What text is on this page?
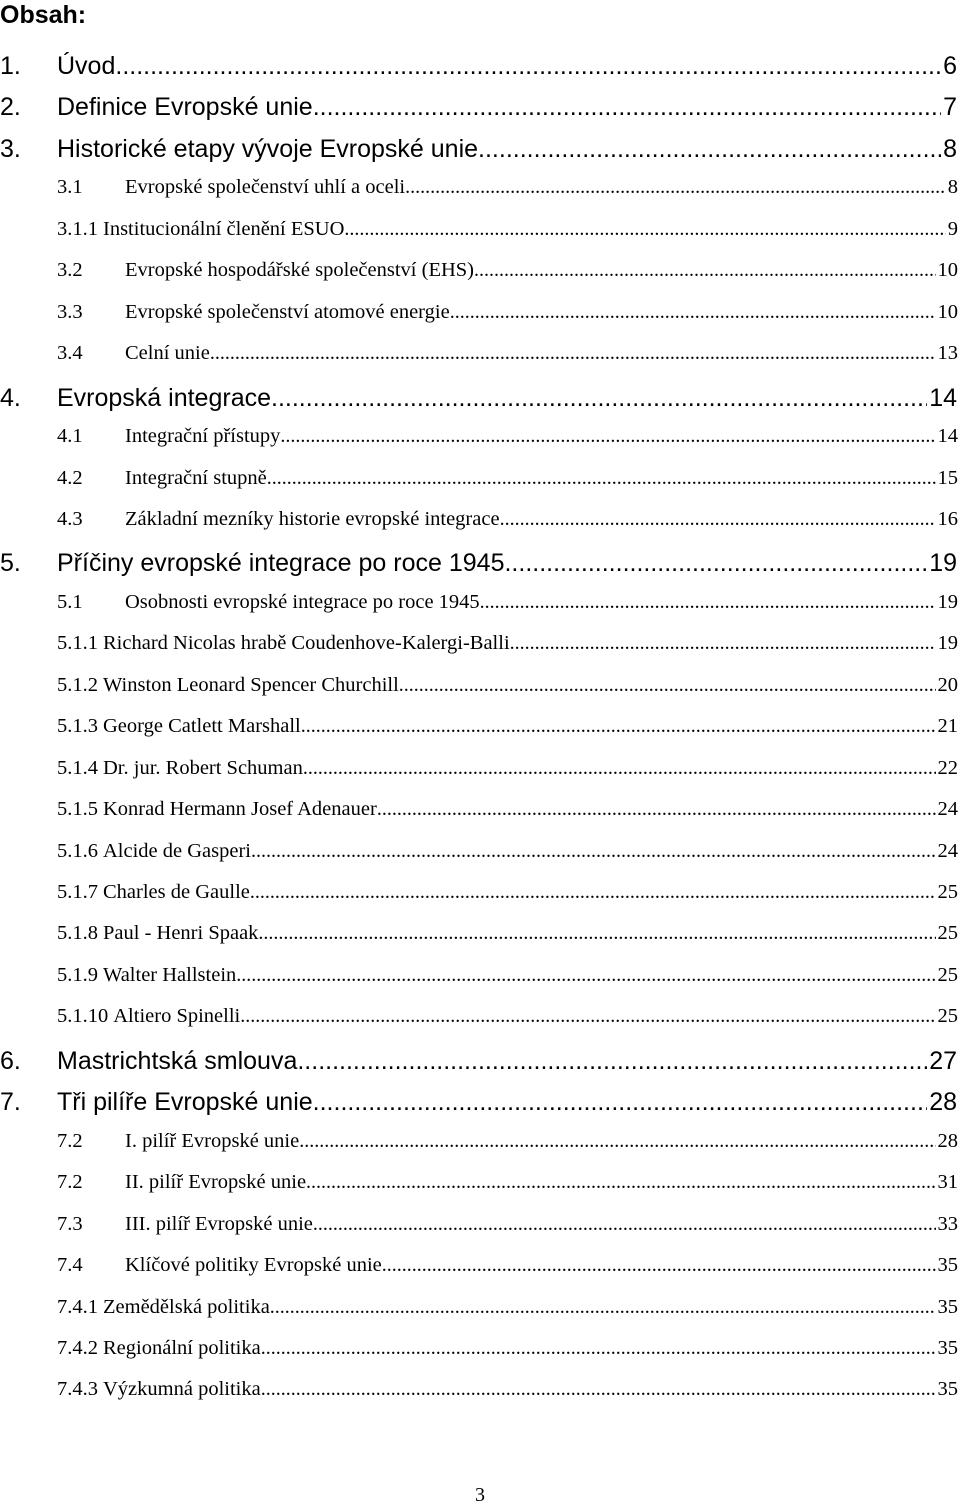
Obsah:
1.	Úvod .....	6
2.	Definice Evropské unie .....	7
3.	Historické etapy vývoje Evropské unie .....	8
3.1	Evropské společenství uhlí a oceli .....	8
3.1.1 Institucionální členění ESUO .....	9
3.2	Evropské hospodářské společenství (EHS) .....	10
3.3	Evropské společenství atomové energie .....	10
3.4	Celní unie .....	13
4.	Evropská integrace .....	14
4.1	Integrační přístupy .....	14
4.2	Integrační stupně .....	15
4.3	Základní mezníky historie evropské integrace .....	16
5.	Příčiny evropské integrace po roce 1945 .....	19
5.1	Osobnosti evropské integrace po roce 1945 .....	19
5.1.1 Richard Nicolas hrabě Coudenhove-Kalergi-Balli .....	19
5.1.2 Winston Leonard Spencer Churchill .....	20
5.1.3 George Catlett Marshall .....	21
5.1.4 Dr. jur. Robert Schuman .....	22
5.1.5 Konrad Hermann Josef Adenauer .....	24
5.1.6 Alcide de Gasperi .....	24
5.1.7 Charles de Gaulle .....	25
5.1.8 Paul - Henri Spaak .....	25
5.1.9 Walter Hallstein .....	25
5.1.10 Altiero Spinelli .....	25
6.	Mastrichtská smlouva .....	27
7.	Tři pilíře Evropské unie .....	28
7.2	I. pilíř Evropské unie .....	28
7.2	II. pilíř Evropské unie .....	31
7.3	III. pilíř Evropské unie .....	33
7.4	Klíčové politiky Evropské unie .....	35
7.4.1 Zemědělská politika .....	35
7.4.2 Regionální politika .....	35
7.4.3 Výzkumná politika .....	35
3
